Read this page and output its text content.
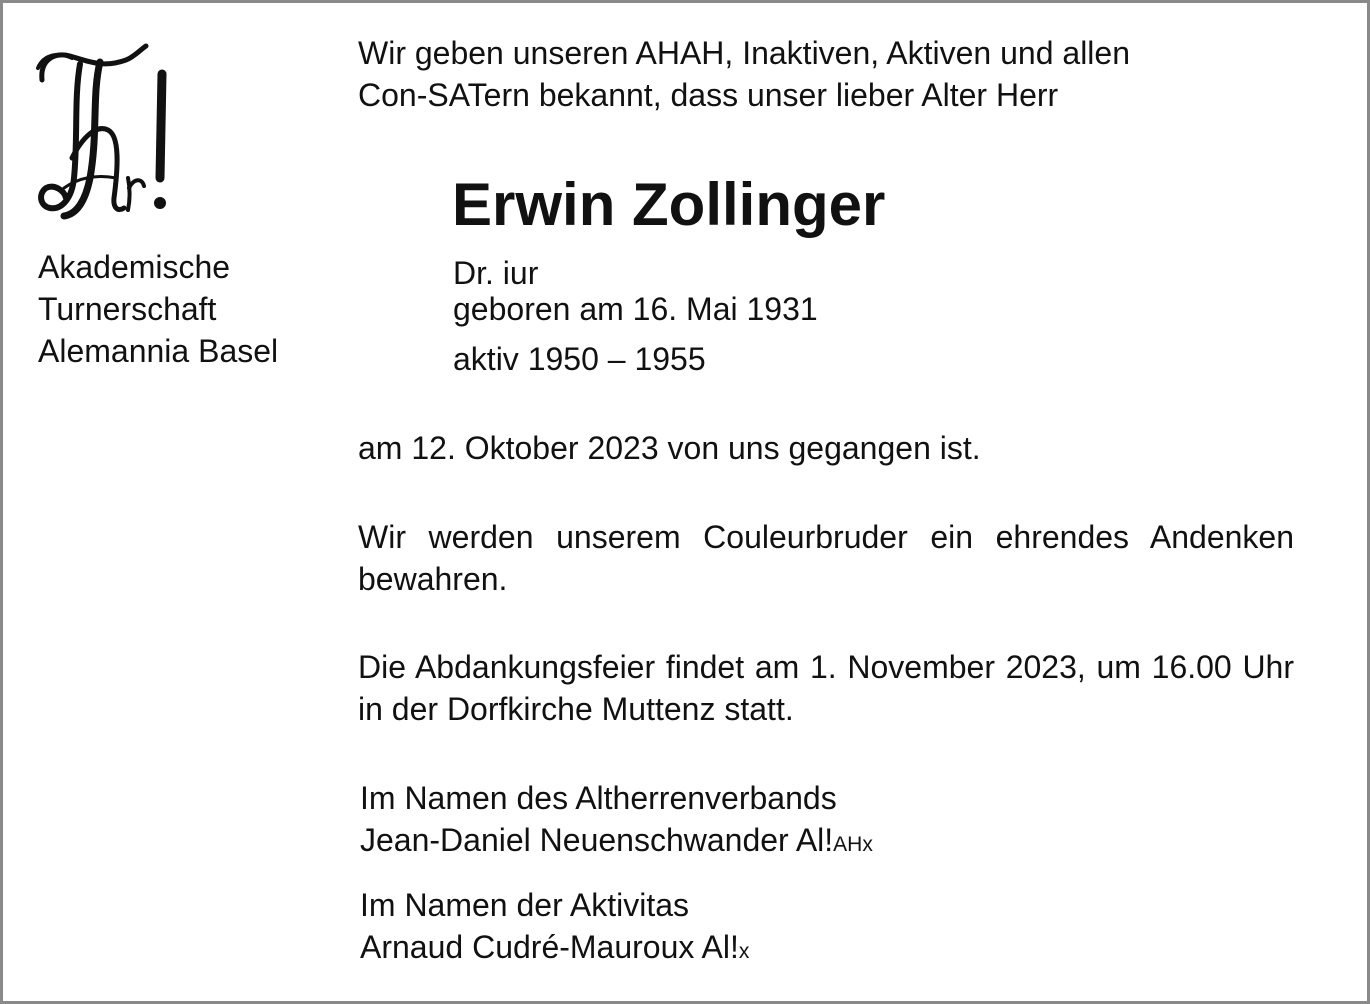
Akademische
Turnerschaft
Alemannia Basel
Wir geben unseren AHAH, Inaktiven, Aktiven und allen
Con-SATern bekannt, dass unser lieber Alter Herr
Erwin Zollinger
Dr. iur
geboren am 16. Mai 1931
aktiv 1950 – 1955
am 12. Oktober 2023 von uns gegangen ist.
Wir werden unserem Couleurbruder ein ehrendes Andenken bewahren.
Die Abdankungsfeier findet am 1. November 2023, um 16.00 Uhr in der Dorfkirche Muttenz statt.
Im Namen des Altherrenverbands
Jean-Daniel Neuenschwander Al!AHx
Im Namen der Aktivitas
Arnaud Cudré-Mauroux Al!x
